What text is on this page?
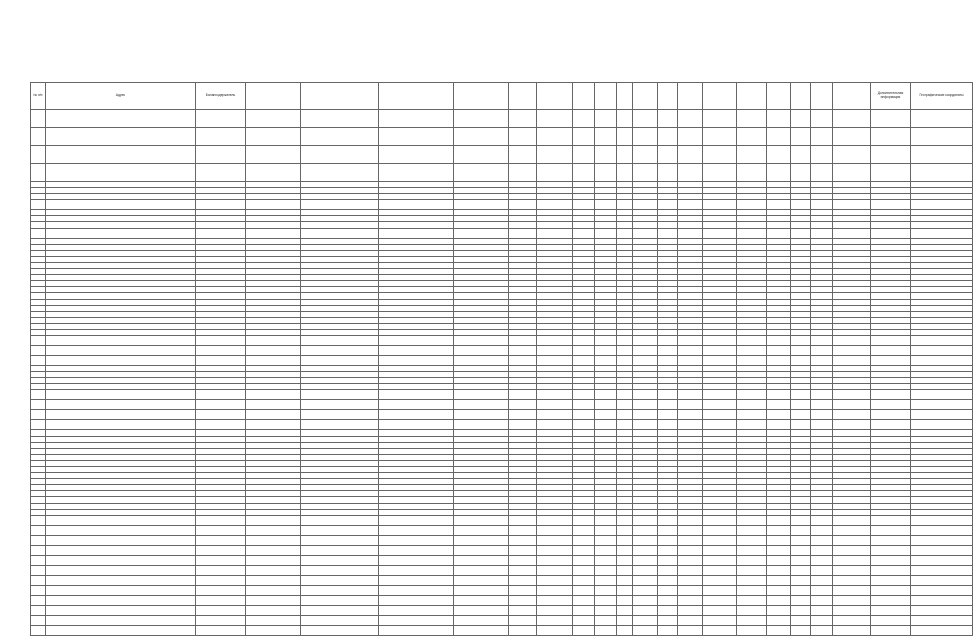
№ п/п	Адрес	Балансодержатель																			Дополнительная информация	Географические координаты
